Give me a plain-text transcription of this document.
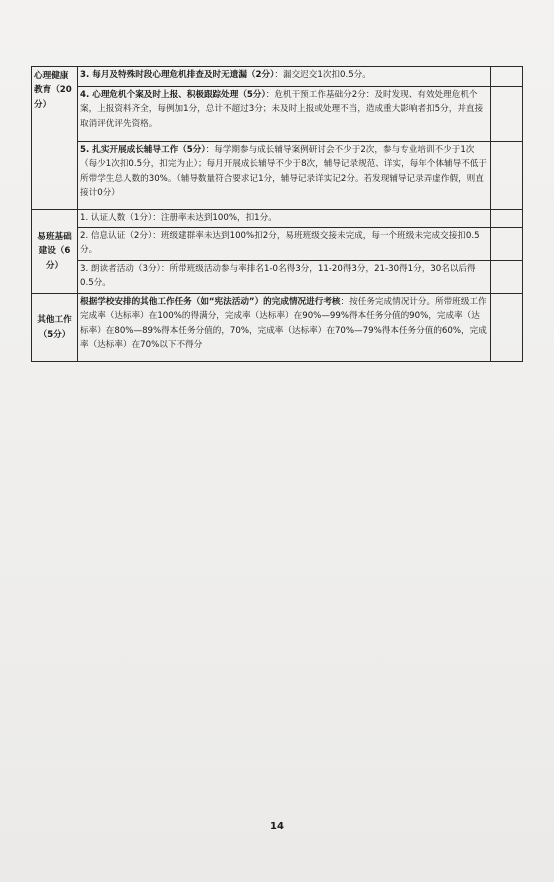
心理健康教育（20分）	3. 每月及特殊时段心理危机排查及时无遗漏（2分）：漏交迟交1次扣0.5分。	
	4. 心理危机个案及时上报、积极跟踪处理（5分）：危机干预工作基础分2分：及时发现、有效处理危机个案，上报资料齐全，每例加1分，总计不超过3分；未及时上报或处理不当，造成重大影响者扣5分，并直接取消评优评先资格。	
	5. 扎实开展成长辅导工作（5分）：每学期参与成长辅导案例研讨会不少于2次，参与专业培训不少于1次（每少1次扣0.5分，扣完为止）；每月开展成长辅导不少于8次，辅导记录规范、详实，每年个体辅导不低于所带学生总人数的30%。（辅导数量符合要求记1分，辅导记录详实记2分。若发现辅导记录弄虚作假，则直接计0分）	
易班基础建设（6分）	1. 认证人数（1分）：注册率未达到100%，扣1分。	
	2. 信息认证（2分）：班级建群率未达到100%扣2分，易班班级交接未完成，每一个班级未完成交接扣0.5分。	
	3. 朗读者活动（3分）：所带班级活动参与率排名1-0名得3分，11-20得3分，21-30得1分，30名以后得0.5分。	
其他工作（5分）	根据学校安排的其他工作任务（如“宪法活动”）的完成情况进行考核：按任务完成情况计分。所带班级工作完成率（达标率）在100%的得满分，完成率（达标率）在90%—99%得本任务分值的90%，完成率（达标率）在80%—89%得本任务分值的，70%，完成率（达标率）在70%—79%得本任务分值的60%，完成率（达标率）在70%以下不得分	
14
